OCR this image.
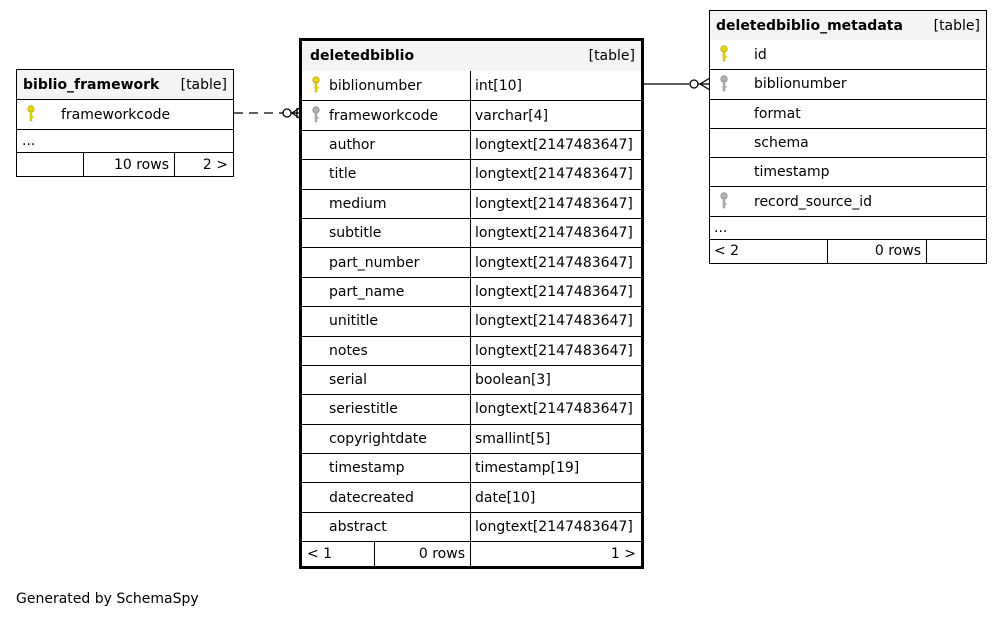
biblio_framework [table]
frameworkcode
...
10 rows	2 >
deletedbiblio	[table]
biblionumber	int[10]
frameworkcode	varchar[4]
author	longtext[2147483647]
title	longtext[2147483647]
medium	longtext[2147483647]
subtitle	longtext[2147483647]
part_number	longtext[2147483647]
part_name	longtext[2147483647]
unititle	longtext[2147483647]
notes	longtext[2147483647]
serial	boolean[3]
seriestitle	longtext[2147483647]
copyrightdate	smallint[5]
timestamp	timestamp[19]
datecreated	date[10]
abstract	longtext[2147483647]
< 1	0 rows	1 >
deletedbiblio_metadata [table]
id
biblionumber
format
schema
timestamp
record_source_id
...
< 2	0 rows
Generated by SchemaSpy
